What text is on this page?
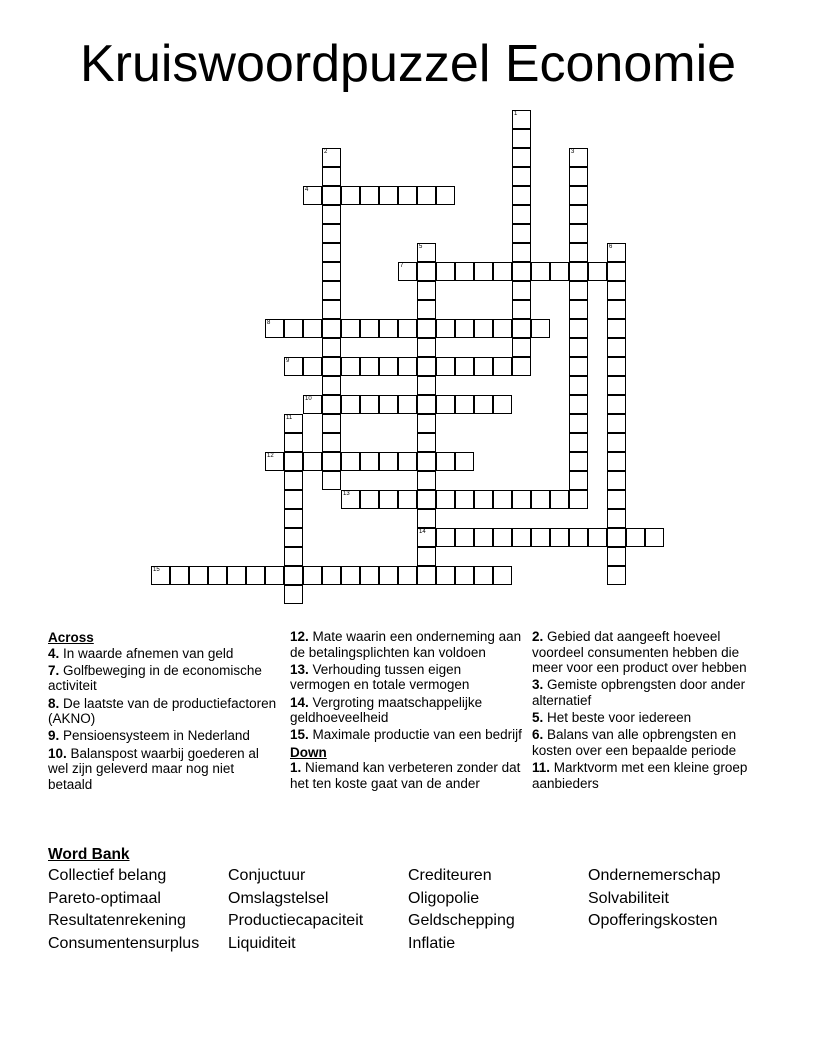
Kruiswoordpuzzel Economie
1
2	3
4
5
14
6
7
8
9
10
11
12
13
15
Across
4. In waarde afnemen van geld
7. Golfbeweging in de economische activiteit
8. De laatste van de productiefactoren (AKNO)
9. Pensioensysteem in Nederland
10. Balanspost waarbij goederen al wel zijn geleverd maar nog niet betaald
12. Mate waarin een onderneming aan de betalingsplichten kan voldoen
13. Verhouding tussen eigen vermogen en totale vermogen
14. Vergroting maatschappelijke geldhoeveelheid
15. Maximale productie van een bedrijf
Down
1. Niemand kan verbeteren zonder dat het ten koste gaat van de ander
2. Gebied dat aangeeft hoeveel voordeel consumenten hebben die meer voor een product over hebben
3. Gemiste opbrengsten door ander alternatief
5. Het beste voor iedereen
6. Balans van alle opbrengsten en kosten over een bepaalde periode
11. Marktvorm met een kleine groep aanbieders
Word Bank
Collectief belang	Conjuctuur	Crediteuren	Ondernemerschap
Pareto-optimaal	Omslagstelsel	Oligopolie	Solvabiliteit
Resultatenrekening	Productiecapaciteit	Geldschepping	Opofferingskosten
Consumentensurplus Liquiditeit	Inflatie
